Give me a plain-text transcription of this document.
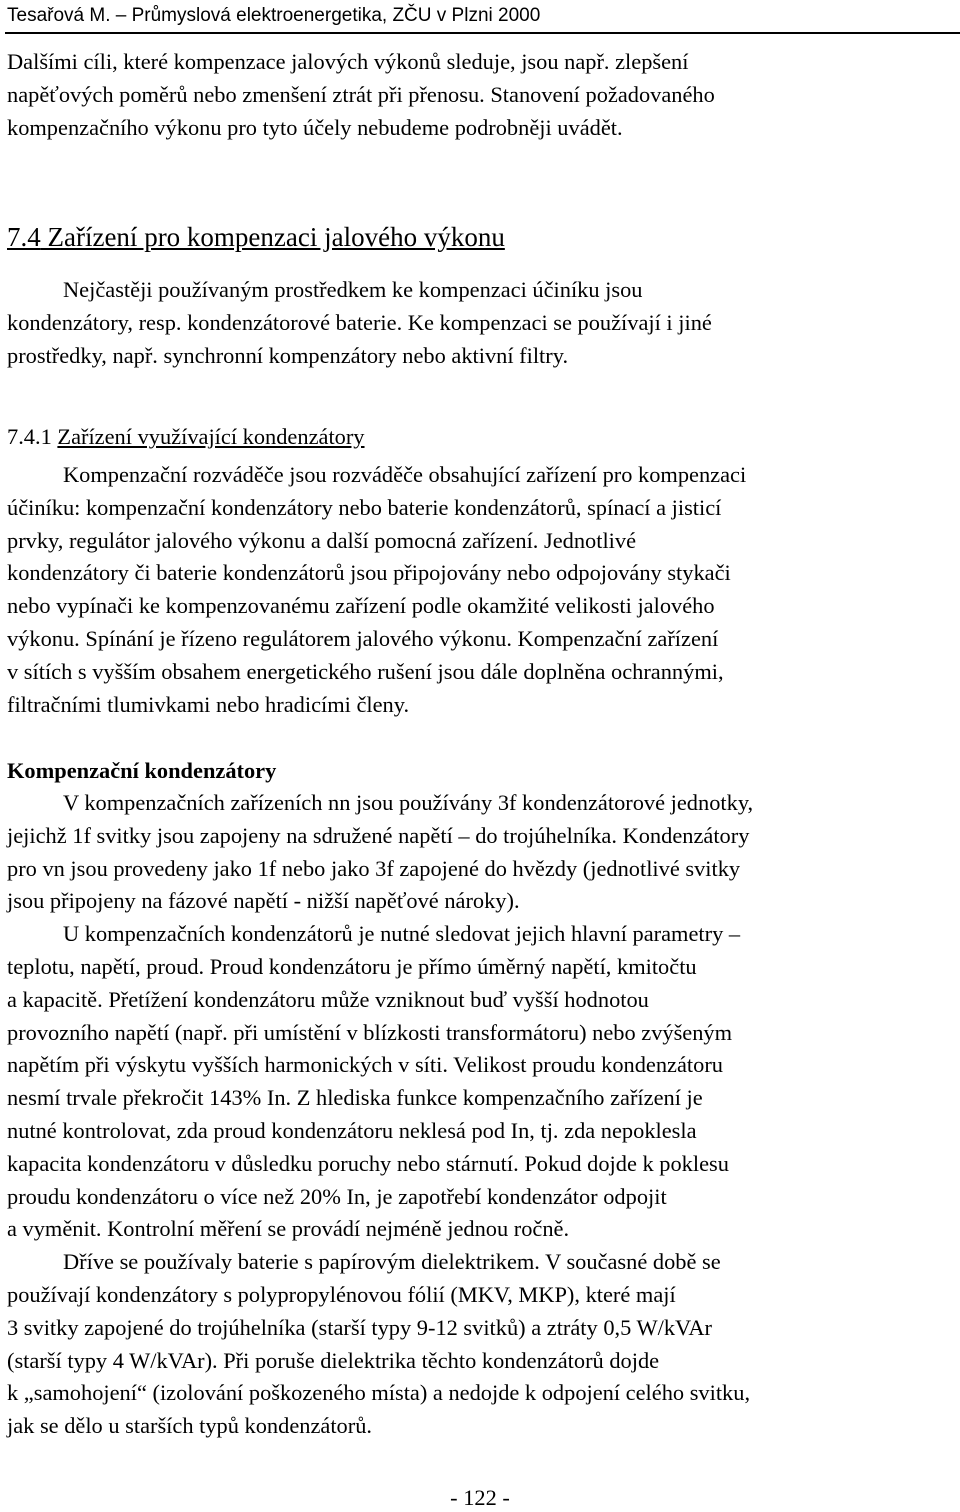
Tesařová M. – Průmyslová elektroenergetika, ZČU v Plzni 2000

Dalšími cíli, které kompenzace jalových výkonů sleduje, jsou např. zlepšení
napěťových poměrů nebo zmenšení ztrát při přenosu. Stanovení požadovaného
kompenzačního výkonu pro tyto účely nebudeme podrobněji uvádět.

7.4 Zařízení pro kompenzaci jalového výkonu

Nejčastěji používaným prostředkem ke kompenzaci účiníku jsou
kondenzátory, resp. kondenzátorové baterie. Ke kompenzaci se používají i jiné
prostředky, např. synchronní kompenzátory nebo aktivní filtry.

7.4.1 Zařízení využívající kondenzátory

Kompenzační rozváděče jsou rozváděče obsahující zařízení pro kompenzaci
účiníku: kompenzační kondenzátory nebo baterie kondenzátorů, spínací a jisticí
prvky, regulátor jalového výkonu a další pomocná zařízení. Jednotlivé
kondenzátory či baterie kondenzátorů jsou připojovány nebo odpojovány stykači
nebo vypínači ke kompenzovanému zařízení podle okamžité velikosti jalového
výkonu. Spínání je řízeno regulátorem jalového výkonu. Kompenzační zařízení
v sítích s vyšším obsahem energetického rušení jsou dále doplněna ochrannými,
filtračními tlumivkami nebo hradicími členy.

Kompenzační kondenzátory

V kompenzačních zařízeních nn jsou používány 3f kondenzátorové jednotky,
jejichž 1f svitky jsou zapojeny na sdružené napětí – do trojúhelníka. Kondenzátory
pro vn jsou provedeny jako 1f nebo jako 3f zapojené do hvězdy (jednotlivé svitky
jsou připojeny na fázové napětí - nižší napěťové nároky).

U kompenzačních kondenzátorů je nutné sledovat jejich hlavní parametry –
teplotu, napětí, proud. Proud kondenzátoru je přímo úměrný napětí, kmitočtu
a kapacitě. Přetížení kondenzátoru může vzniknout buď vyšší hodnotou
provozního napětí (např. při umístění v blízkosti transformátoru) nebo zvýšeným
napětím při výskytu vyšších harmonických v síti. Velikost proudu kondenzátoru
nesmí trvale překročit 143% In. Z hlediska funkce kompenzačního zařízení je
nutné kontrolovat, zda proud kondenzátoru neklesá pod In, tj. zda nepoklesla
kapacita kondenzátoru v důsledku poruchy nebo stárnutí. Pokud dojde k poklesu
proudu kondenzátoru o více než 20% In, je zapotřebí kondenzátor odpojit
a vyměnit. Kontrolní měření se provádí nejméně jednou ročně.

Dříve se používaly baterie s papírovým dielektrikem. V současné době se
používají kondenzátory s polypropylénovou fólií (MKV, MKP), které mají
3 svitky zapojené do trojúhelníka (starší typy 9-12 svitků) a ztráty 0,5 W/kVAr
(starší typy 4 W/kVAr). Při poruše dielektrika těchto kondenzátorů dojde
k „samohojení“ (izolování poškozeného místa) a nedojde k odpojení celého svitku,
jak se dělo u starších typů kondenzátorů.

- 122 -
